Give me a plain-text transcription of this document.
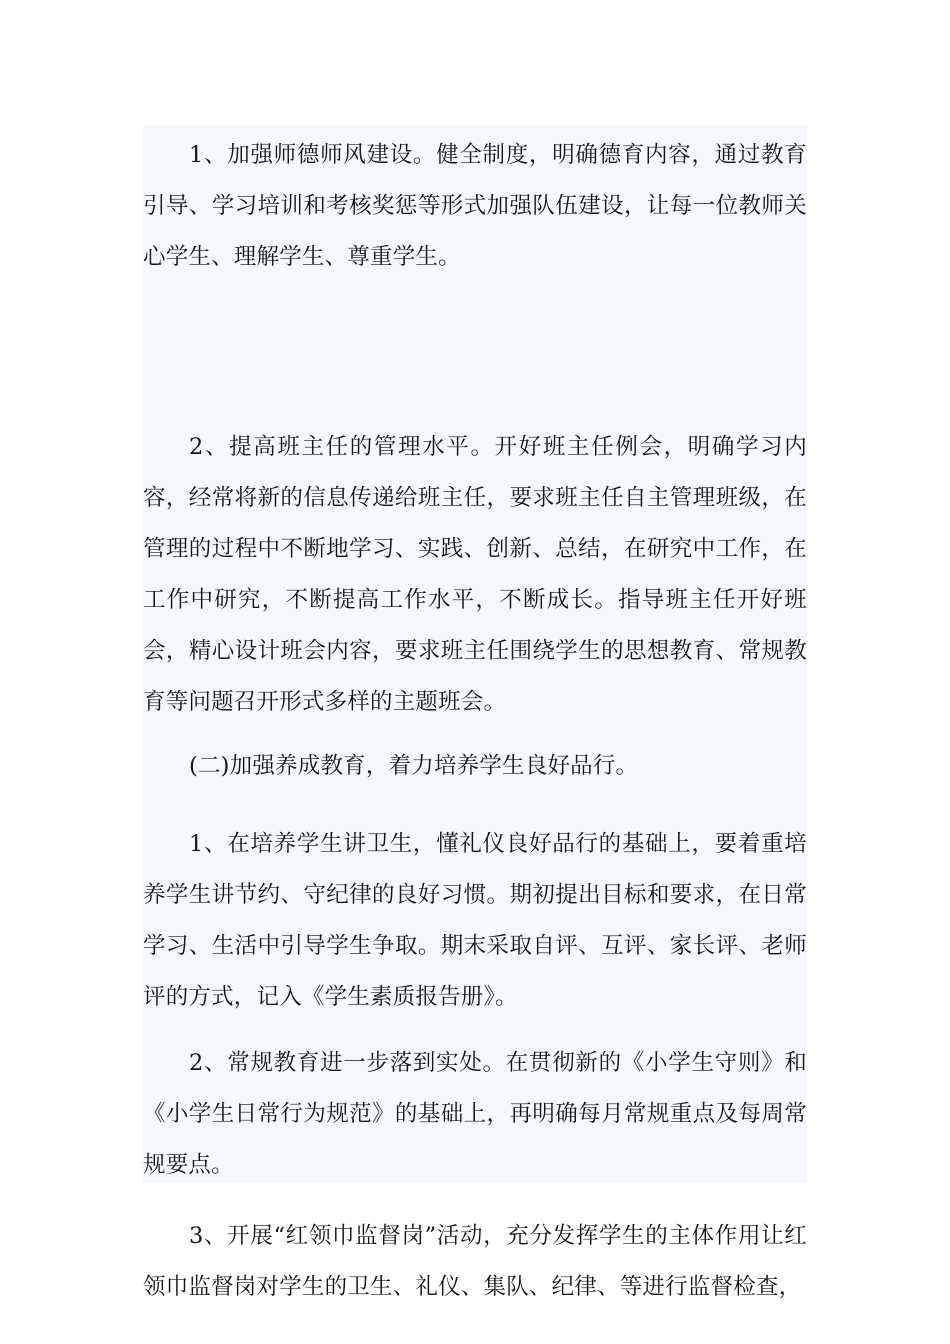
1、加强师德师风建设。健全制度，明确德育内容，通过教育引导、学习培训和考核奖惩等形式加强队伍建设，让每一位教师关心学生、理解学生、尊重学生。

2、提高班主任的管理水平。开好班主任例会，明确学习内容，经常将新的信息传递给班主任，要求班主任自主管理班级，在管理的过程中不断地学习、实践、创新、总结，在研究中工作，在工作中研究，不断提高工作水平，不断成长。指导班主任开好班会，精心设计班会内容，要求班主任围绕学生的思想教育、常规教育等问题召开形式多样的主题班会。

(二)加强养成教育，着力培养学生良好品行。

1、在培养学生讲卫生，懂礼仪良好品行的基础上，要着重培养学生讲节约、守纪律的良好习惯。期初提出目标和要求，在日常学习、生活中引导学生争取。期末采取自评、互评、家长评、老师评的方式，记入《学生素质报告册》。

2、常规教育进一步落到实处。在贯彻新的《小学生守则》和《小学生日常行为规范》的基础上，再明确每月常规重点及每周常规要点。

3、开展“红领巾监督岗”活动，充分发挥学生的主体作用让红领巾监督岗对学生的卫生、礼仪、集队、纪律、等进行监督检查，
